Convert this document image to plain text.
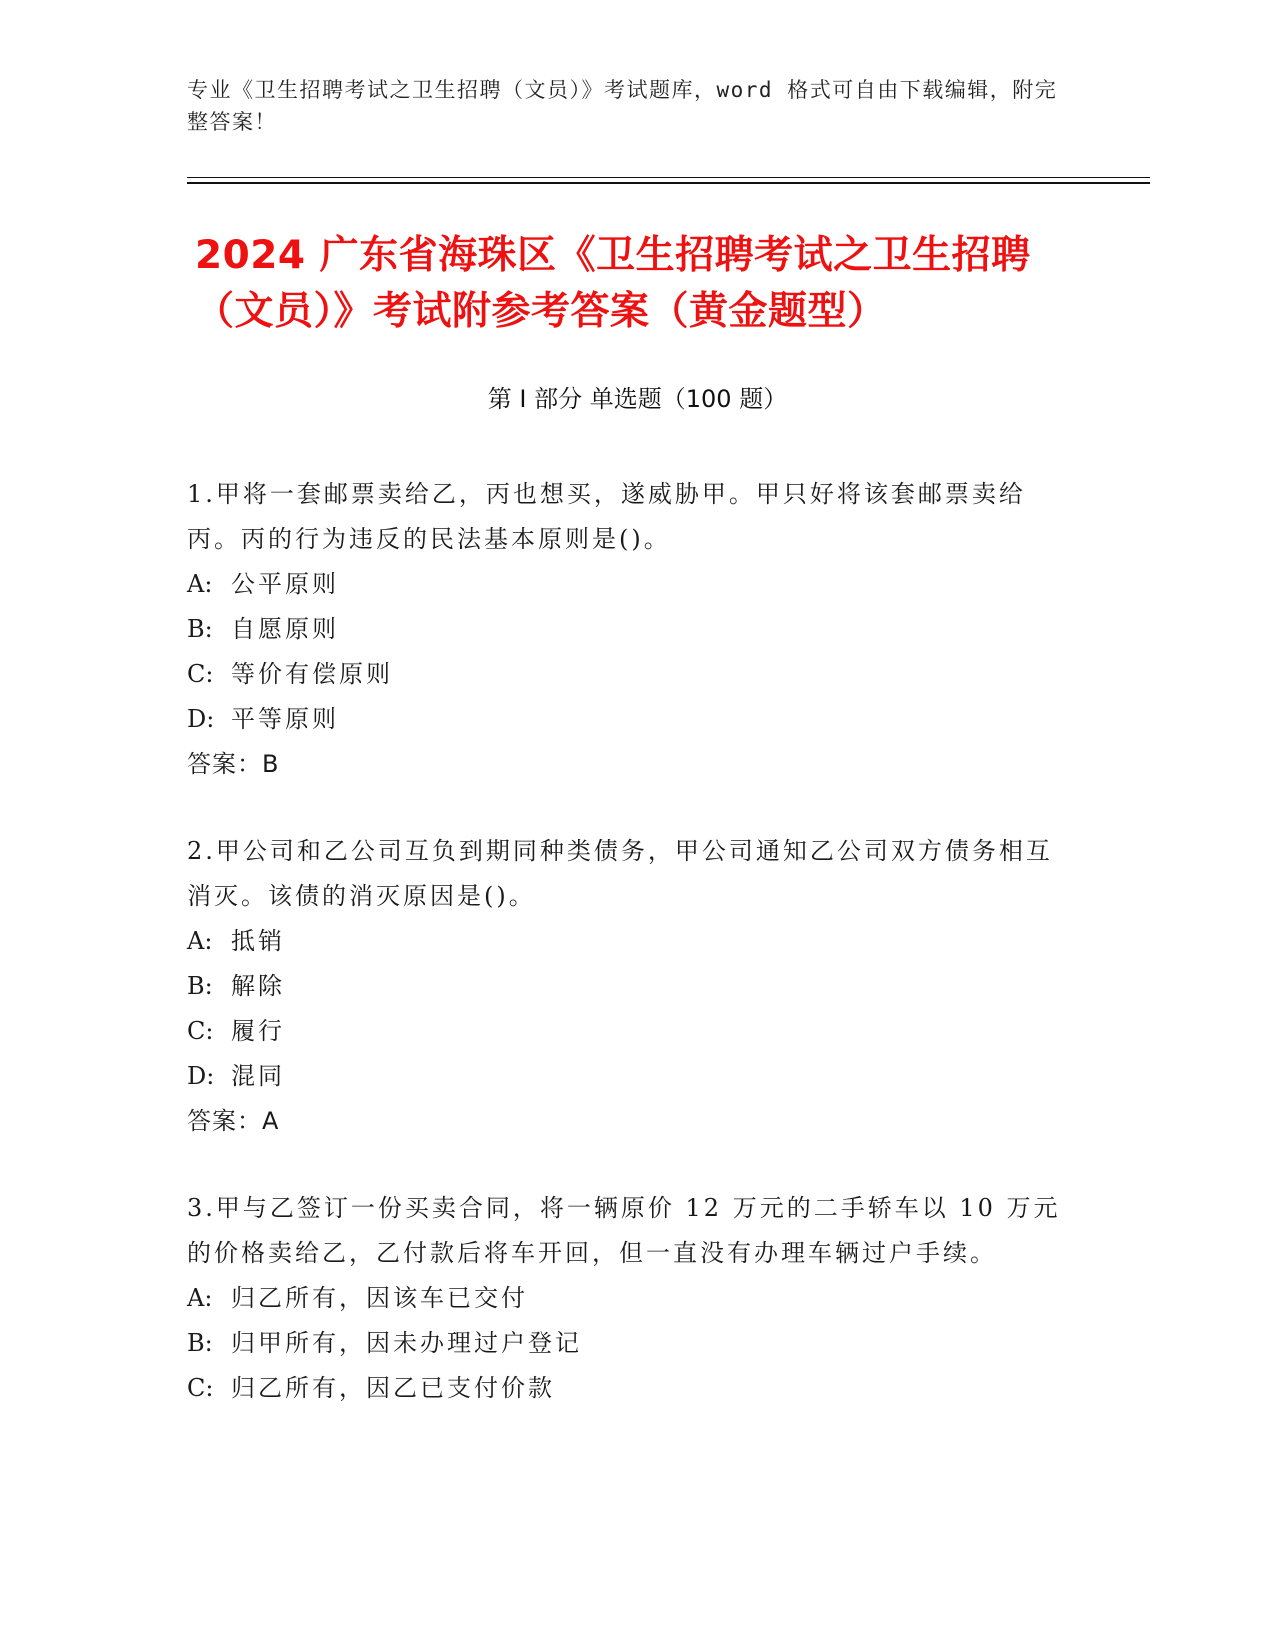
专业《卫生招聘考试之卫生招聘（文员）》考试题库，word 格式可自由下载编辑，附完整答案！
2024 广东省海珠区《卫生招聘考试之卫生招聘（文员）》考试附参考答案（黄金题型）
第 I 部分 单选题（100 题）

1.甲将一套邮票卖给乙，丙也想买，遂威胁甲。甲只好将该套邮票卖给丙。丙的行为违反的民法基本原则是()。

A: 公平原则
B: 自愿原则
C: 等价有偿原则
D: 平等原则
答案：B

2.甲公司和乙公司互负到期同种类债务，甲公司通知乙公司双方债务相互消灭。该债的消灭原因是()。

A: 抵销
B: 解除
C: 履行
D: 混同
答案：A

3.甲与乙签订一份买卖合同，将一辆原价 12 万元的二手轿车以 10 万元的价格卖给乙，乙付款后将车开回，但一直没有办理车辆过户手续。

A: 归乙所有，因该车已交付
B: 归甲所有，因未办理过户登记
C: 归乙所有，因乙已支付价款
